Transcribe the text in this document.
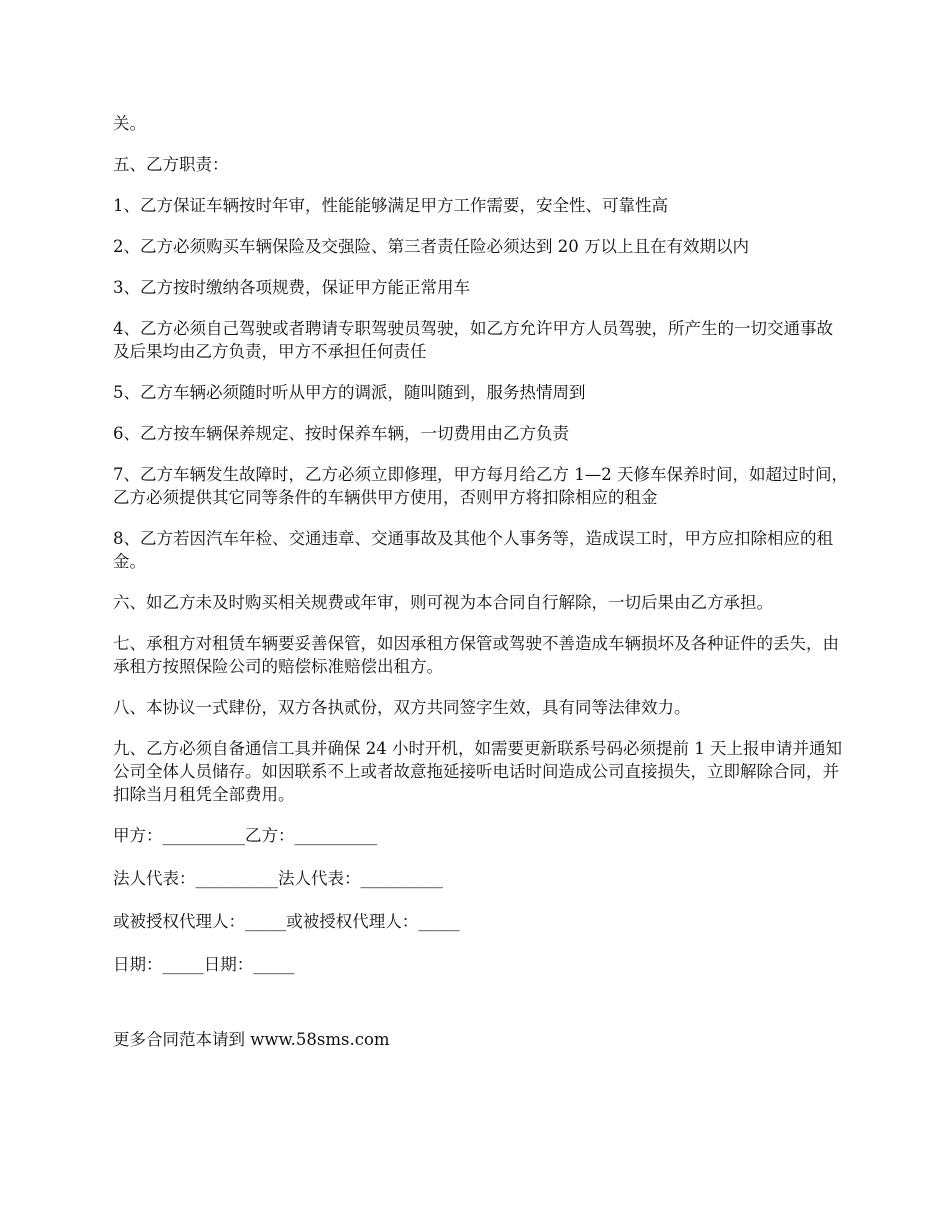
关。

五、乙方职责：

1、乙方保证车辆按时年审，性能能够满足甲方工作需要，安全性、可靠性高

2、乙方必须购买车辆保险及交强险、第三者责任险必须达到 20 万以上且在有效期以内

3、乙方按时缴纳各项规费，保证甲方能正常用车

4、乙方必须自己驾驶或者聘请专职驾驶员驾驶，如乙方允许甲方人员驾驶，所产生的一切交通事故及后果均由乙方负责，甲方不承担任何责任

5、乙方车辆必须随时听从甲方的调派，随叫随到，服务热情周到

6、乙方按车辆保养规定、按时保养车辆，一切费用由乙方负责

7、乙方车辆发生故障时，乙方必须立即修理，甲方每月给乙方 1—2 天修车保养时间，如超过时间，乙方必须提供其它同等条件的车辆供甲方使用，否则甲方将扣除相应的租金

8、乙方若因汽车年检、交通违章、交通事故及其他个人事务等，造成误工时，甲方应扣除相应的租金。

六、如乙方未及时购买相关规费或年审，则可视为本合同自行解除，一切后果由乙方承担。

七、承租方对租赁车辆要妥善保管，如因承租方保管或驾驶不善造成车辆损坏及各种证件的丢失，由承租方按照保险公司的赔偿标准赔偿出租方。

八、本协议一式肆份，双方各执贰份，双方共同签字生效，具有同等法律效力。

九、乙方必须自备通信工具并确保 24 小时开机，如需要更新联系号码必须提前 1 天上报申请并通知公司全体人员储存。如因联系不上或者故意拖延接听电话时间造成公司直接损失，立即解除合同，并扣除当月租凭全部费用。

甲方：__________乙方：__________

法人代表：__________法人代表：__________

或被授权代理人：_____或被授权代理人：_____

日期：_____日期：_____

更多合同范本请到 www.58sms.com
